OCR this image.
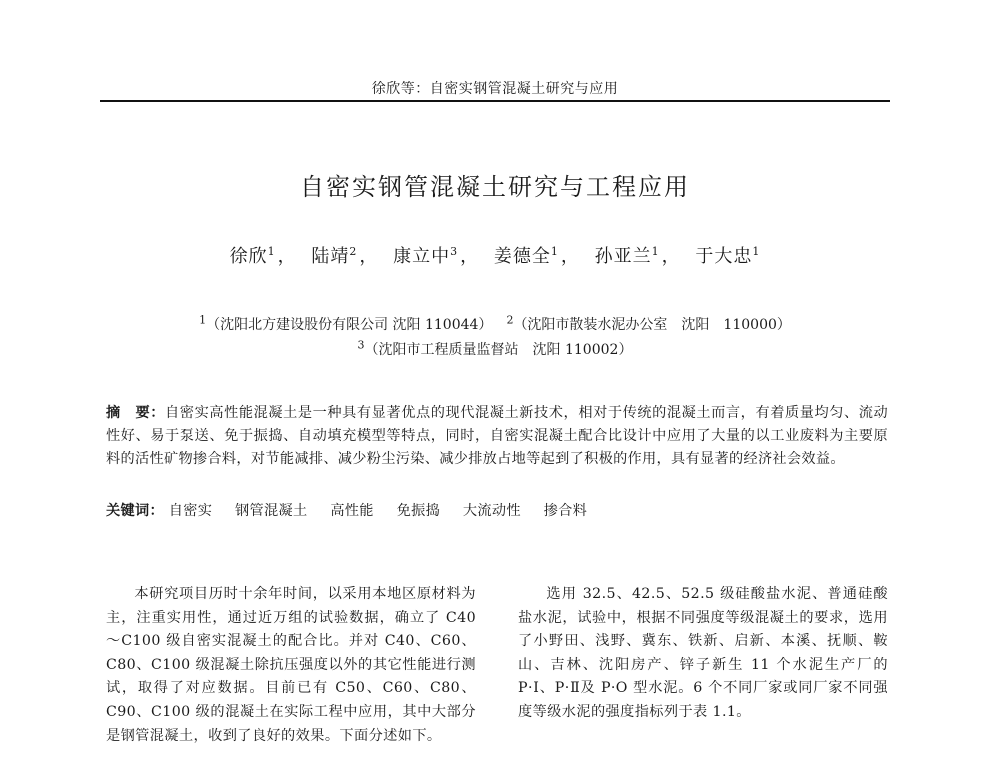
徐欣等：自密实钢管混凝土研究与应用
自密实钢管混凝土研究与工程应用
徐欣$^1$ ， 陆靖$^2$ ， 康立中$^3$ ， 姜德全$^1$ ， 孙亚兰$^1$ ， 于大忠$^1$
$^1$（沈阳北方建设股份有限公司 沈阳 110044） $^2$（沈阳市散装水泥办公室　沈阳　110000）
$^3$（沈阳市工程质量监督站　沈阳 110002）
摘　要：自密实高性能混凝土是一种具有显著优点的现代混凝土新技术，相对于传统的混凝土而言，有着质量均匀、流动性好、易于泵送、免于振捣、自动填充模型等特点，同时，自密实混凝土配合比设计中应用了大量的以工业废料为主要原料的活性矿物掺合料，对节能减排、减少粉尘污染、减少排放占地等起到了积极的作用，具有显著的经济社会效益。
关键词： 自密实 钢管混凝土 高性能 免振捣 大流动性 掺合料
本研究项目历时十余年时间，以采用本地区原材料为主，注重实用性，通过近万组的试验数据，确立了 C40～C100 级自密实混凝土的配合比。并对 C40、C60、C80、C100 级混凝土除抗压强度以外的其它性能进行测试，取得了对应数据。目前已有 C50、C60、C80、C90、C100 级的混凝土在实际工程中应用，其中大部分是钢管混凝土，收到了良好的效果。下面分述如下。
选用 32.5、42.5、52.5 级硅酸盐水泥、普通硅酸盐水泥，试验中，根据不同强度等级混凝土的要求，选用了小野田、浅野、冀东、铁新、启新、本溪、抚顺、鞍山、吉林、沈阳房产、锌子新生 11 个水泥生产厂的 P·Ⅰ、P·Ⅱ及 P·O 型水泥。6 个不同厂家或同厂家不同强度等级水泥的强度指标列于表 1.1。
